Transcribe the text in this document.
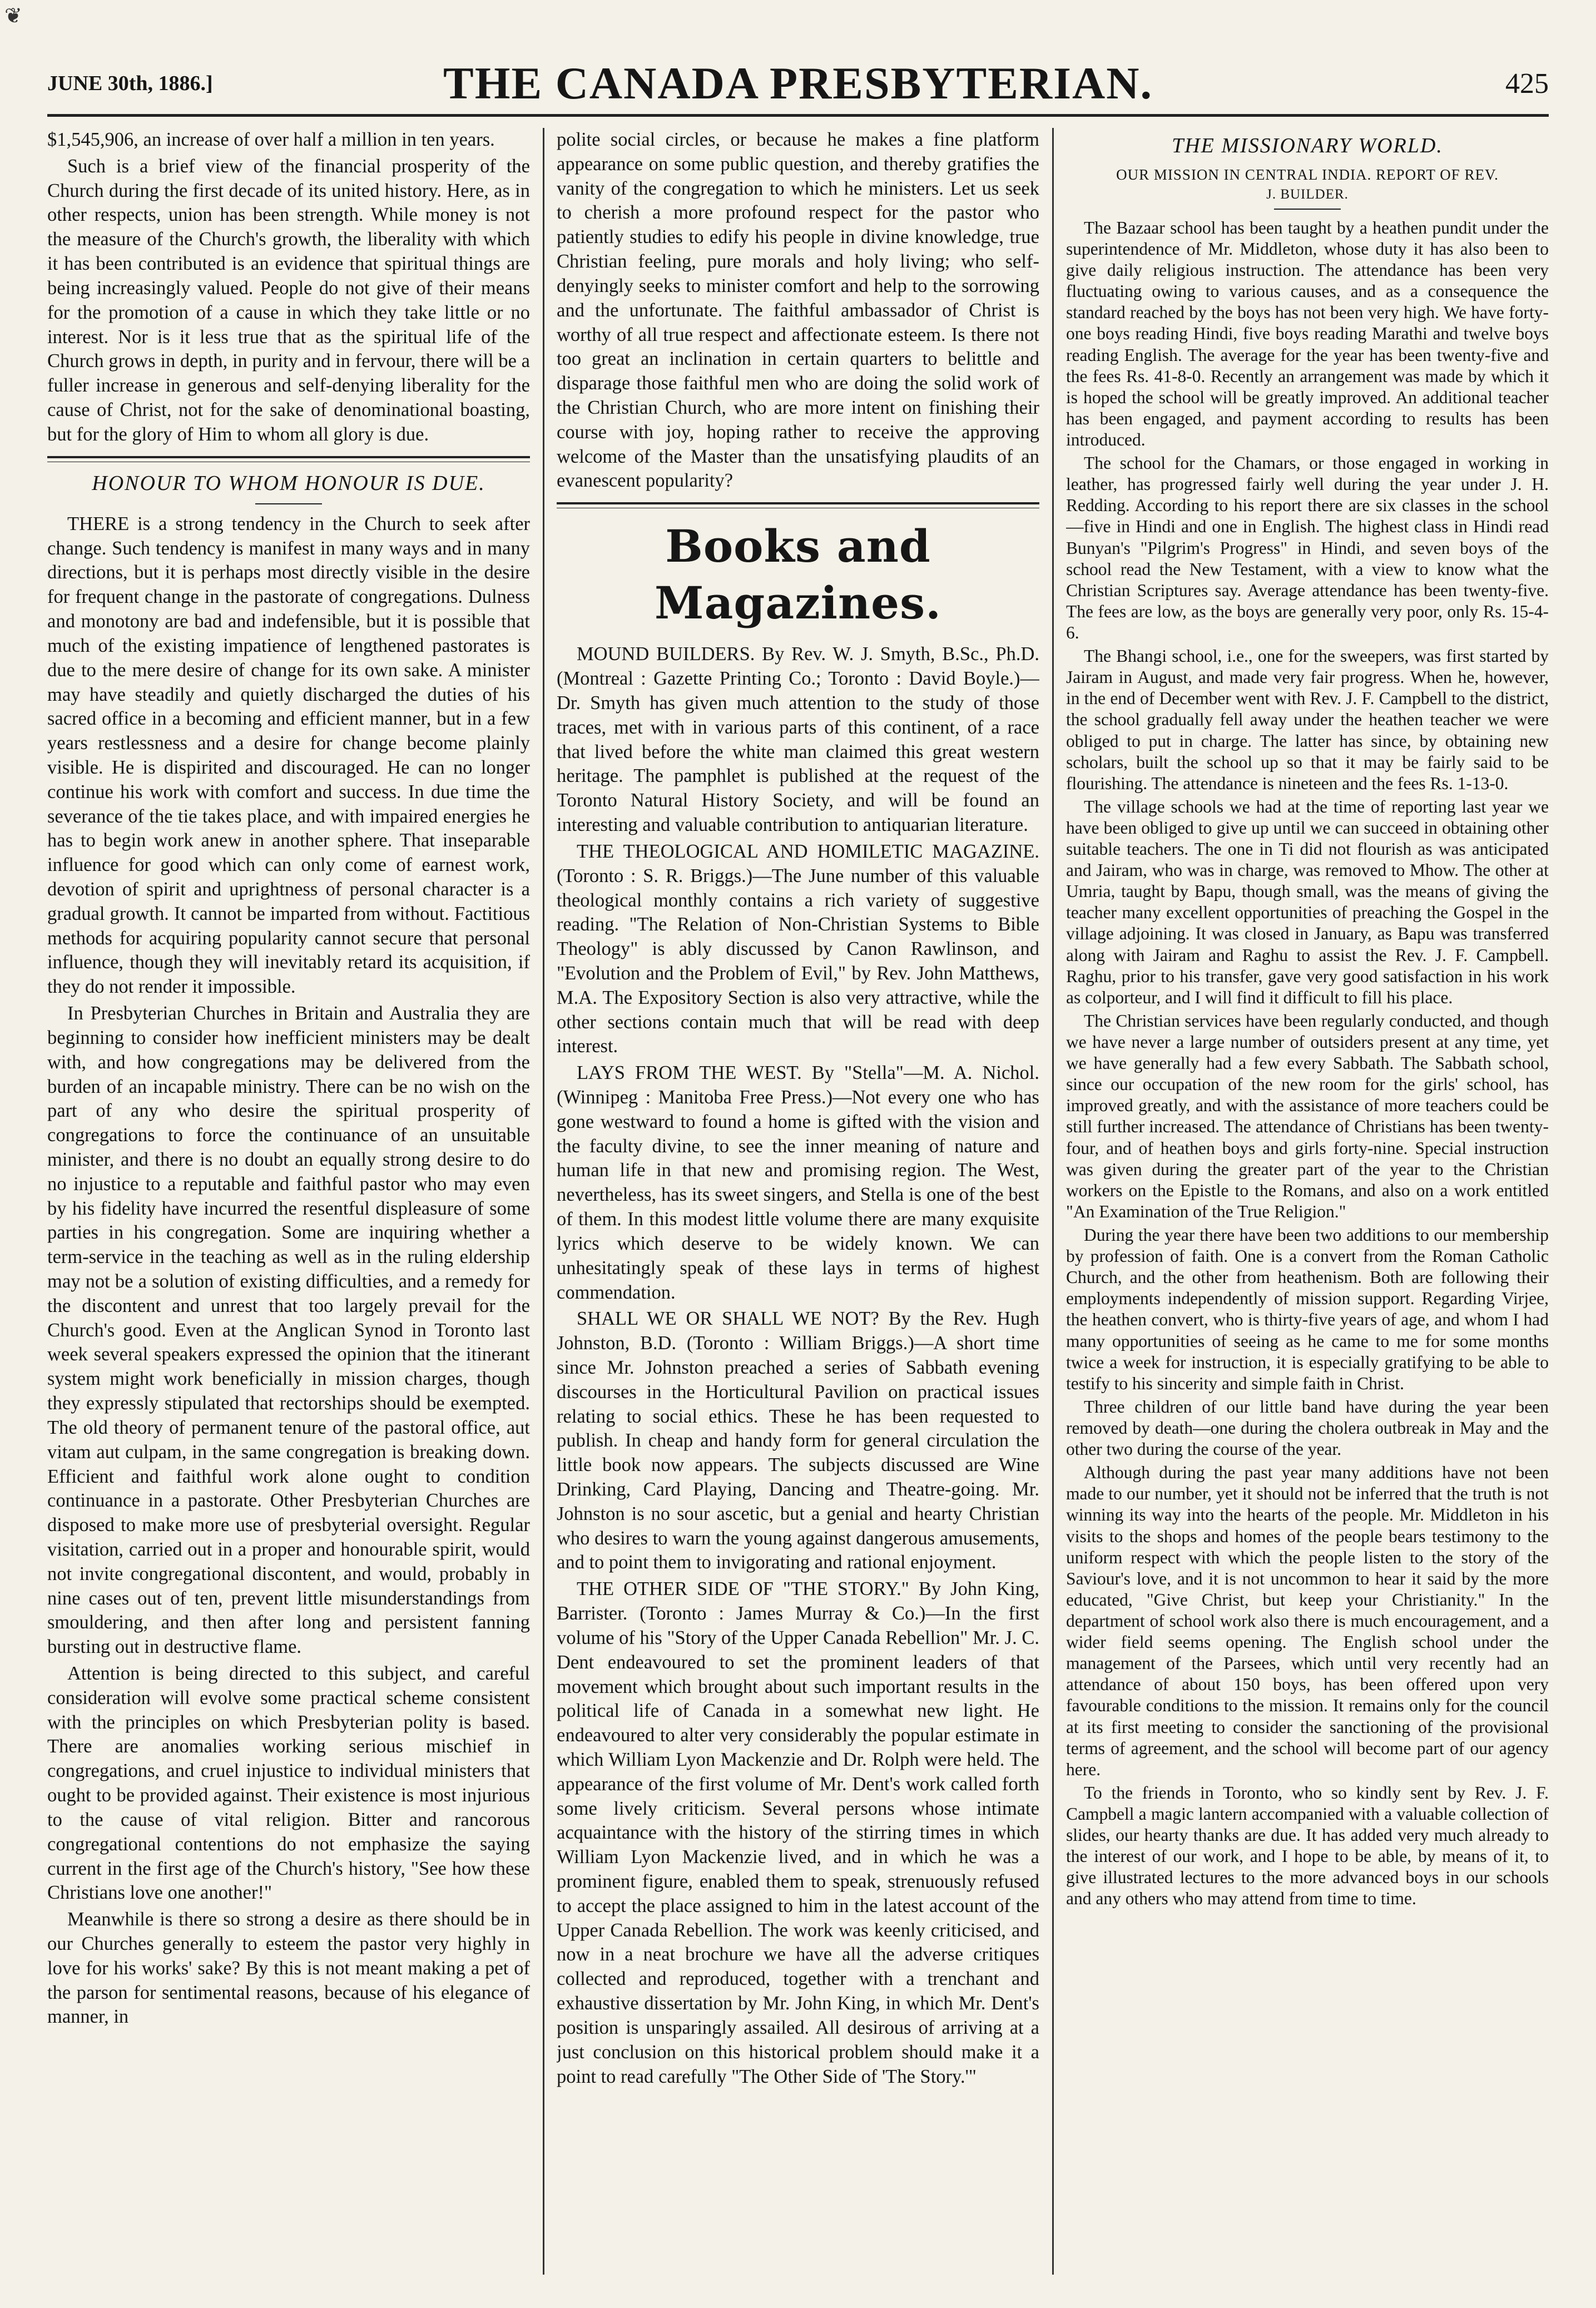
❦
JUNE 30th, 1886.]	THE CANADA PRESBYTERIAN.	425

$1,545,906, an increase of over half a million in ten years.

Such is a brief view of the financial prosperity of the Church during the first decade of its united history. Here, as in other respects, union has been strength. While money is not the measure of the Church's growth, the liberality with which it has been contributed is an evidence that spiritual things are being increasingly valued. People do not give of their means for the promotion of a cause in which they take little or no interest. Nor is it less true that as the spiritual life of the Church grows in depth, in purity and in fervour, there will be a fuller increase in generous and self-denying liberality for the cause of Christ, not for the sake of denominational boasting, but for the glory of Him to whom all glory is due.

HONOUR TO WHOM HONOUR IS DUE.

THERE is a strong tendency in the Church to seek after change. Such tendency is manifest in many ways and in many directions, but it is perhaps most directly visible in the desire for frequent change in the pastorate of congregations. Dulness and monotony are bad and indefensible, but it is possible that much of the existing impatience of lengthened pastorates is due to the mere desire of change for its own sake. A minister may have steadily and quietly discharged the duties of his sacred office in a becoming and efficient manner, but in a few years restlessness and a desire for change become plainly visible. He is dispirited and discouraged. He can no longer continue his work with comfort and success. In due time the severance of the tie takes place, and with impaired energies he has to begin work anew in another sphere. That inseparable influence for good which can only come of earnest work, devotion of spirit and uprightness of personal character is a gradual growth. It cannot be imparted from without. Factitious methods for acquiring popularity cannot secure that personal influence, though they will inevitably retard its acquisition, if they do not render it impossible.

In Presbyterian Churches in Britain and Australia they are beginning to consider how inefficient ministers may be dealt with, and how congregations may be delivered from the burden of an incapable ministry. There can be no wish on the part of any who desire the spiritual prosperity of congregations to force the continuance of an unsuitable minister, and there is no doubt an equally strong desire to do no injustice to a reputable and faithful pastor who may even by his fidelity have incurred the resentful displeasure of some parties in his congregation. Some are inquiring whether a term-service in the teaching as well as in the ruling eldership may not be a solution of existing difficulties, and a remedy for the discontent and unrest that too largely prevail for the Church's good. Even at the Anglican Synod in Toronto last week several speakers expressed the opinion that the itinerant system might work beneficially in mission charges, though they expressly stipulated that rectorships should be exempted. The old theory of permanent tenure of the pastoral office, aut vitam aut culpam, in the same congregation is breaking down. Efficient and faithful work alone ought to condition continuance in a pastorate. Other Presbyterian Churches are disposed to make more use of presbyterial oversight. Regular visitation, carried out in a proper and honourable spirit, would not invite congregational discontent, and would, probably in nine cases out of ten, prevent little misunderstandings from smouldering, and then after long and persistent fanning bursting out in destructive flame.

Attention is being directed to this subject, and careful consideration will evolve some practical scheme consistent with the principles on which Presbyterian polity is based. There are anomalies working serious mischief in congregations, and cruel injustice to individual ministers that ought to be provided against. Their existence is most injurious to the cause of vital religion. Bitter and rancorous congregational contentions do not emphasize the saying current in the first age of the Church's history, "See how these Christians love one another!"

Meanwhile is there so strong a desire as there should be in our Churches generally to esteem the pastor very highly in love for his works' sake? By this is not meant making a pet of the parson for sentimental reasons, because of his elegance of manner, in

polite social circles, or because he makes a fine platform appearance on some public question, and thereby gratifies the vanity of the congregation to which he ministers. Let us seek to cherish a more profound respect for the pastor who patiently studies to edify his people in divine knowledge, true Christian feeling, pure morals and holy living; who self-denyingly seeks to minister comfort and help to the sorrowing and the unfortunate. The faithful ambassador of Christ is worthy of all true respect and affectionate esteem. Is there not too great an inclination in certain quarters to belittle and disparage those faithful men who are doing the solid work of the Christian Church, who are more intent on finishing their course with joy, hoping rather to receive the approving welcome of the Master than the unsatisfying plaudits of an evanescent popularity?

Books and Magazines.

MOUND BUILDERS. By Rev. W. J. Smyth, B.Sc., Ph.D. (Montreal : Gazette Printing Co.; Toronto : David Boyle.)—Dr. Smyth has given much attention to the study of those traces, met with in various parts of this continent, of a race that lived before the white man claimed this great western heritage. The pamphlet is published at the request of the Toronto Natural History Society, and will be found an interesting and valuable contribution to antiquarian literature.

THE THEOLOGICAL AND HOMILETIC MAGAZINE. (Toronto : S. R. Briggs.)—The June number of this valuable theological monthly contains a rich variety of suggestive reading. "The Relation of Non-Christian Systems to Bible Theology" is ably discussed by Canon Rawlinson, and "Evolution and the Problem of Evil," by Rev. John Matthews, M.A. The Expository Section is also very attractive, while the other sections contain much that will be read with deep interest.

LAYS FROM THE WEST. By "Stella"—M. A. Nichol. (Winnipeg : Manitoba Free Press.)—Not every one who has gone westward to found a home is gifted with the vision and the faculty divine, to see the inner meaning of nature and human life in that new and promising region. The West, nevertheless, has its sweet singers, and Stella is one of the best of them. In this modest little volume there are many exquisite lyrics which deserve to be widely known. We can unhesitatingly speak of these lays in terms of highest commendation.

SHALL WE OR SHALL WE NOT? By the Rev. Hugh Johnston, B.D. (Toronto : William Briggs.)—A short time since Mr. Johnston preached a series of Sabbath evening discourses in the Horticultural Pavilion on practical issues relating to social ethics. These he has been requested to publish. In cheap and handy form for general circulation the little book now appears. The subjects discussed are Wine Drinking, Card Playing, Dancing and Theatre-going. Mr. Johnston is no sour ascetic, but a genial and hearty Christian who desires to warn the young against dangerous amusements, and to point them to invigorating and rational enjoyment.

THE OTHER SIDE OF "THE STORY." By John King, Barrister. (Toronto : James Murray & Co.)—In the first volume of his "Story of the Upper Canada Rebellion" Mr. J. C. Dent endeavoured to set the prominent leaders of that movement which brought about such important results in the political life of Canada in a somewhat new light. He endeavoured to alter very considerably the popular estimate in which William Lyon Mackenzie and Dr. Rolph were held. The appearance of the first volume of Mr. Dent's work called forth some lively criticism. Several persons whose intimate acquaintance with the history of the stirring times in which William Lyon Mackenzie lived, and in which he was a prominent figure, enabled them to speak, strenuously refused to accept the place assigned to him in the latest account of the Upper Canada Rebellion. The work was keenly criticised, and now in a neat brochure we have all the adverse critiques collected and reproduced, together with a trenchant and exhaustive dissertation by Mr. John King, in which Mr. Dent's position is unsparingly assailed. All desirous of arriving at a just conclusion on this historical problem should make it a point to read carefully "The Other Side of 'The Story.'"

THE MISSIONARY WORLD.
OUR MISSION IN CENTRAL INDIA. REPORT OF REV.
J. BUILDER.

The Bazaar school has been taught by a heathen pundit under the superintendence of Mr. Middleton, whose duty it has also been to give daily religious instruction. The attendance has been very fluctuating owing to various causes, and as a consequence the standard reached by the boys has not been very high. We have forty-one boys reading Hindi, five boys reading Marathi and twelve boys reading English. The average for the year has been twenty-five and the fees Rs. 41-8-0. Recently an arrangement was made by which it is hoped the school will be greatly improved. An additional teacher has been engaged, and payment according to results has been introduced.

The school for the Chamars, or those engaged in working in leather, has progressed fairly well during the year under J. H. Redding. According to his report there are six classes in the school—five in Hindi and one in English. The highest class in Hindi read Bunyan's "Pilgrim's Progress" in Hindi, and seven boys of the school read the New Testament, with a view to know what the Christian Scriptures say. Average attendance has been twenty-five. The fees are low, as the boys are generally very poor, only Rs. 15-4-6.

The Bhangi school, i.e., one for the sweepers, was first started by Jairam in August, and made very fair progress. When he, however, in the end of December went with Rev. J. F. Campbell to the district, the school gradually fell away under the heathen teacher we were obliged to put in charge. The latter has since, by obtaining new scholars, built the school up so that it may be fairly said to be flourishing. The attendance is nineteen and the fees Rs. 1-13-0.

The village schools we had at the time of reporting last year we have been obliged to give up until we can succeed in obtaining other suitable teachers. The one in Ti did not flourish as was anticipated and Jairam, who was in charge, was removed to Mhow. The other at Umria, taught by Bapu, though small, was the means of giving the teacher many excellent opportunities of preaching the Gospel in the village adjoining. It was closed in January, as Bapu was transferred along with Jairam and Raghu to assist the Rev. J. F. Campbell. Raghu, prior to his transfer, gave very good satisfaction in his work as colporteur, and I will find it difficult to fill his place.

The Christian services have been regularly conducted, and though we have never a large number of outsiders present at any time, yet we have generally had a few every Sabbath. The Sabbath school, since our occupation of the new room for the girls' school, has improved greatly, and with the assistance of more teachers could be still further increased. The attendance of Christians has been twenty-four, and of heathen boys and girls forty-nine. Special instruction was given during the greater part of the year to the Christian workers on the Epistle to the Romans, and also on a work entitled "An Examination of the True Religion."

During the year there have been two additions to our membership by profession of faith. One is a convert from the Roman Catholic Church, and the other from heathenism. Both are following their employments independently of mission support. Regarding Virjee, the heathen convert, who is thirty-five years of age, and whom I had many opportunities of seeing as he came to me for some months twice a week for instruction, it is especially gratifying to be able to testify to his sincerity and simple faith in Christ.

Three children of our little band have during the year been removed by death—one during the cholera outbreak in May and the other two during the course of the year.

Although during the past year many additions have not been made to our number, yet it should not be inferred that the truth is not winning its way into the hearts of the people. Mr. Middleton in his visits to the shops and homes of the people bears testimony to the uniform respect with which the people listen to the story of the Saviour's love, and it is not uncommon to hear it said by the more educated, "Give Christ, but keep your Christianity." In the department of school work also there is much encouragement, and a wider field seems opening. The English school under the management of the Parsees, which until very recently had an attendance of about 150 boys, has been offered upon very favourable conditions to the mission. It remains only for the council at its first meeting to consider the sanctioning of the provisional terms of agreement, and the school will become part of our agency here.

To the friends in Toronto, who so kindly sent by Rev. J. F. Campbell a magic lantern accompanied with a valuable collection of slides, our hearty thanks are due. It has added very much already to the interest of our work, and I hope to be able, by means of it, to give illustrated lectures to the more advanced boys in our schools and any others who may attend from time to time.
